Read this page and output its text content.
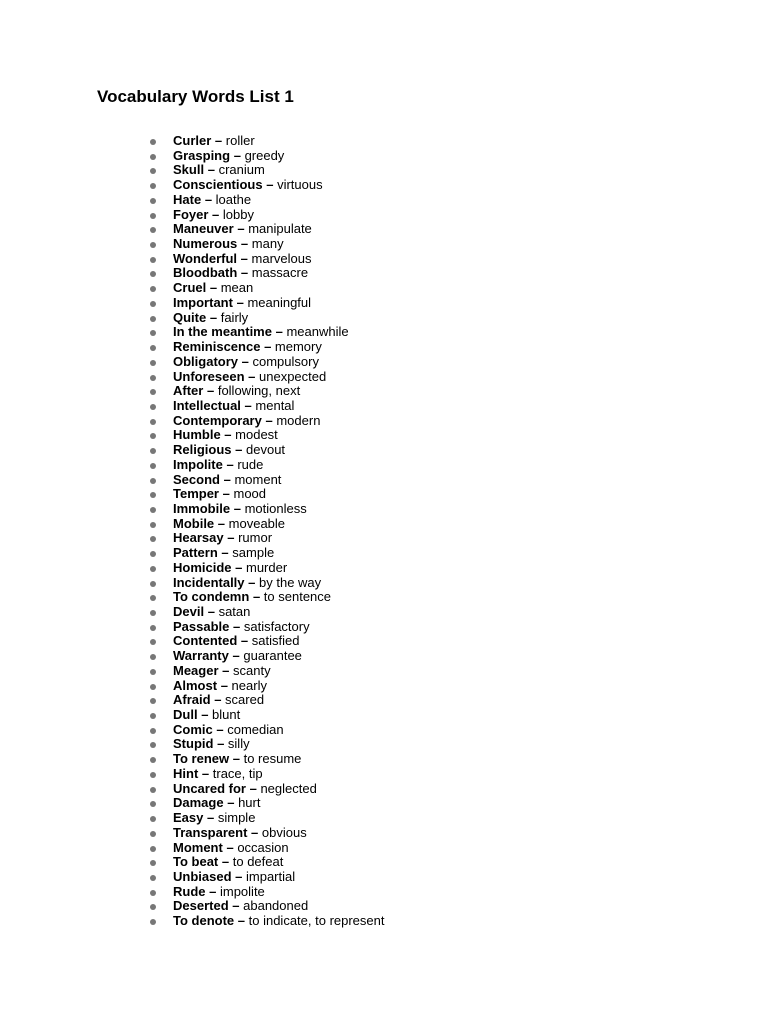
Vocabulary Words List 1
Curler – roller
Grasping – greedy
Skull – cranium
Conscientious – virtuous
Hate – loathe
Foyer – lobby
Maneuver – manipulate
Numerous – many
Wonderful – marvelous
Bloodbath – massacre
Cruel – mean
Important – meaningful
Quite – fairly
In the meantime – meanwhile
Reminiscence – memory
Obligatory – compulsory
Unforeseen – unexpected
After – following, next
Intellectual – mental
Contemporary – modern
Humble – modest
Religious – devout
Impolite – rude
Second – moment
Temper – mood
Immobile – motionless
Mobile – moveable
Hearsay – rumor
Pattern – sample
Homicide – murder
Incidentally – by the way
To condemn – to sentence
Devil – satan
Passable – satisfactory
Contented – satisfied
Warranty – guarantee
Meager – scanty
Almost – nearly
Afraid – scared
Dull – blunt
Comic – comedian
Stupid – silly
To renew – to resume
Hint – trace, tip
Uncared for – neglected
Damage – hurt
Easy – simple
Transparent – obvious
Moment – occasion
To beat – to defeat
Unbiased – impartial
Rude – impolite
Deserted – abandoned
To denote – to indicate, to represent
